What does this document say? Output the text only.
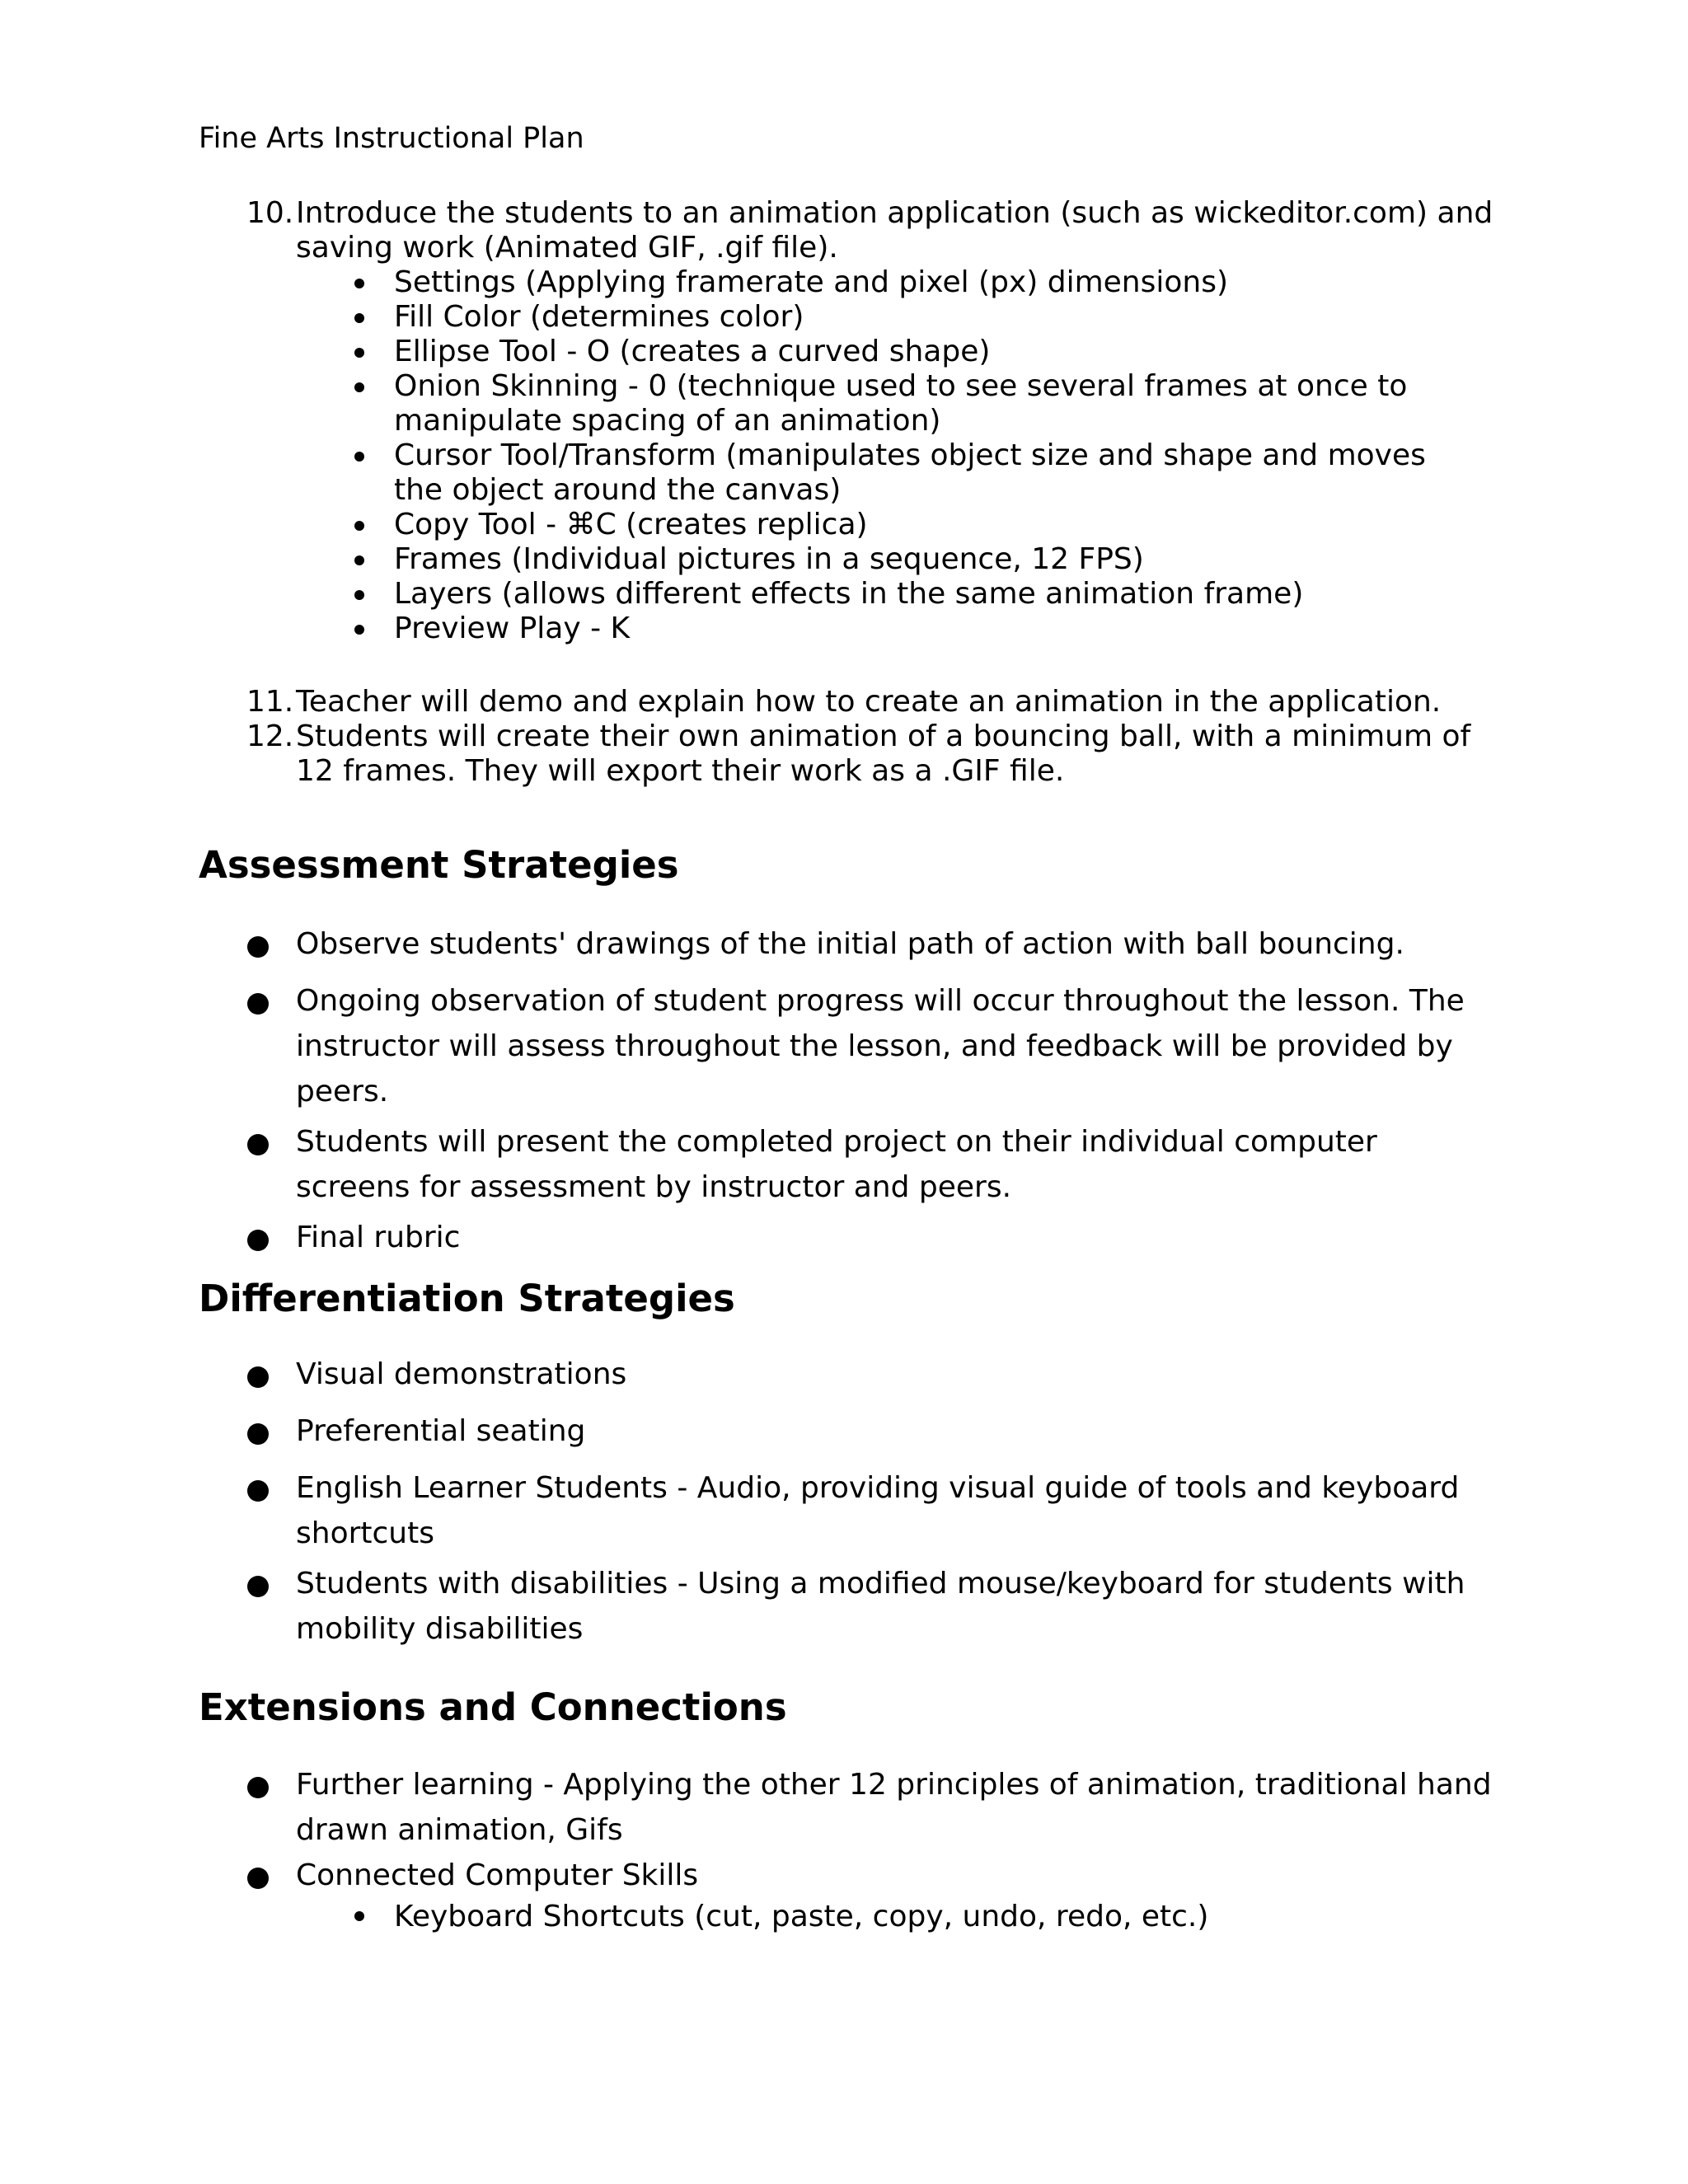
Fine Arts Instructional Plan
10. Introduce the students to an animation application (such as wickeditor.com) and saving work (Animated GIF, .gif file).
Settings (Applying framerate and pixel (px) dimensions)
Fill Color (determines color)
Ellipse Tool - O (creates a curved shape)
Onion Skinning - 0 (technique used to see several frames at once to manipulate spacing of an animation)
Cursor Tool/Transform (manipulates object size and shape and moves the object around the canvas)
Copy Tool - ⌘C (creates replica)
Frames (Individual pictures in a sequence, 12 FPS)
Layers (allows different effects in the same animation frame)
Preview Play - K
11. Teacher will demo and explain how to create an animation in the application.
12. Students will create their own animation of a bouncing ball, with a minimum of 12 frames. They will export their work as a .GIF file.
Assessment Strategies
Observe students' drawings of the initial path of action with ball bouncing.
Ongoing observation of student progress will occur throughout the lesson. The instructor will assess throughout the lesson, and feedback will be provided by peers.
Students will present the completed project on their individual computer screens for assessment by instructor and peers.
Final rubric
Differentiation Strategies
Visual demonstrations
Preferential seating
English Learner Students - Audio, providing visual guide of tools and keyboard shortcuts
Students with disabilities - Using a modified mouse/keyboard for students with mobility disabilities
Extensions and Connections
Further learning - Applying the other 12 principles of animation, traditional hand drawn animation, Gifs
Connected Computer Skills
Keyboard Shortcuts (cut, paste, copy, undo, redo, etc.)
